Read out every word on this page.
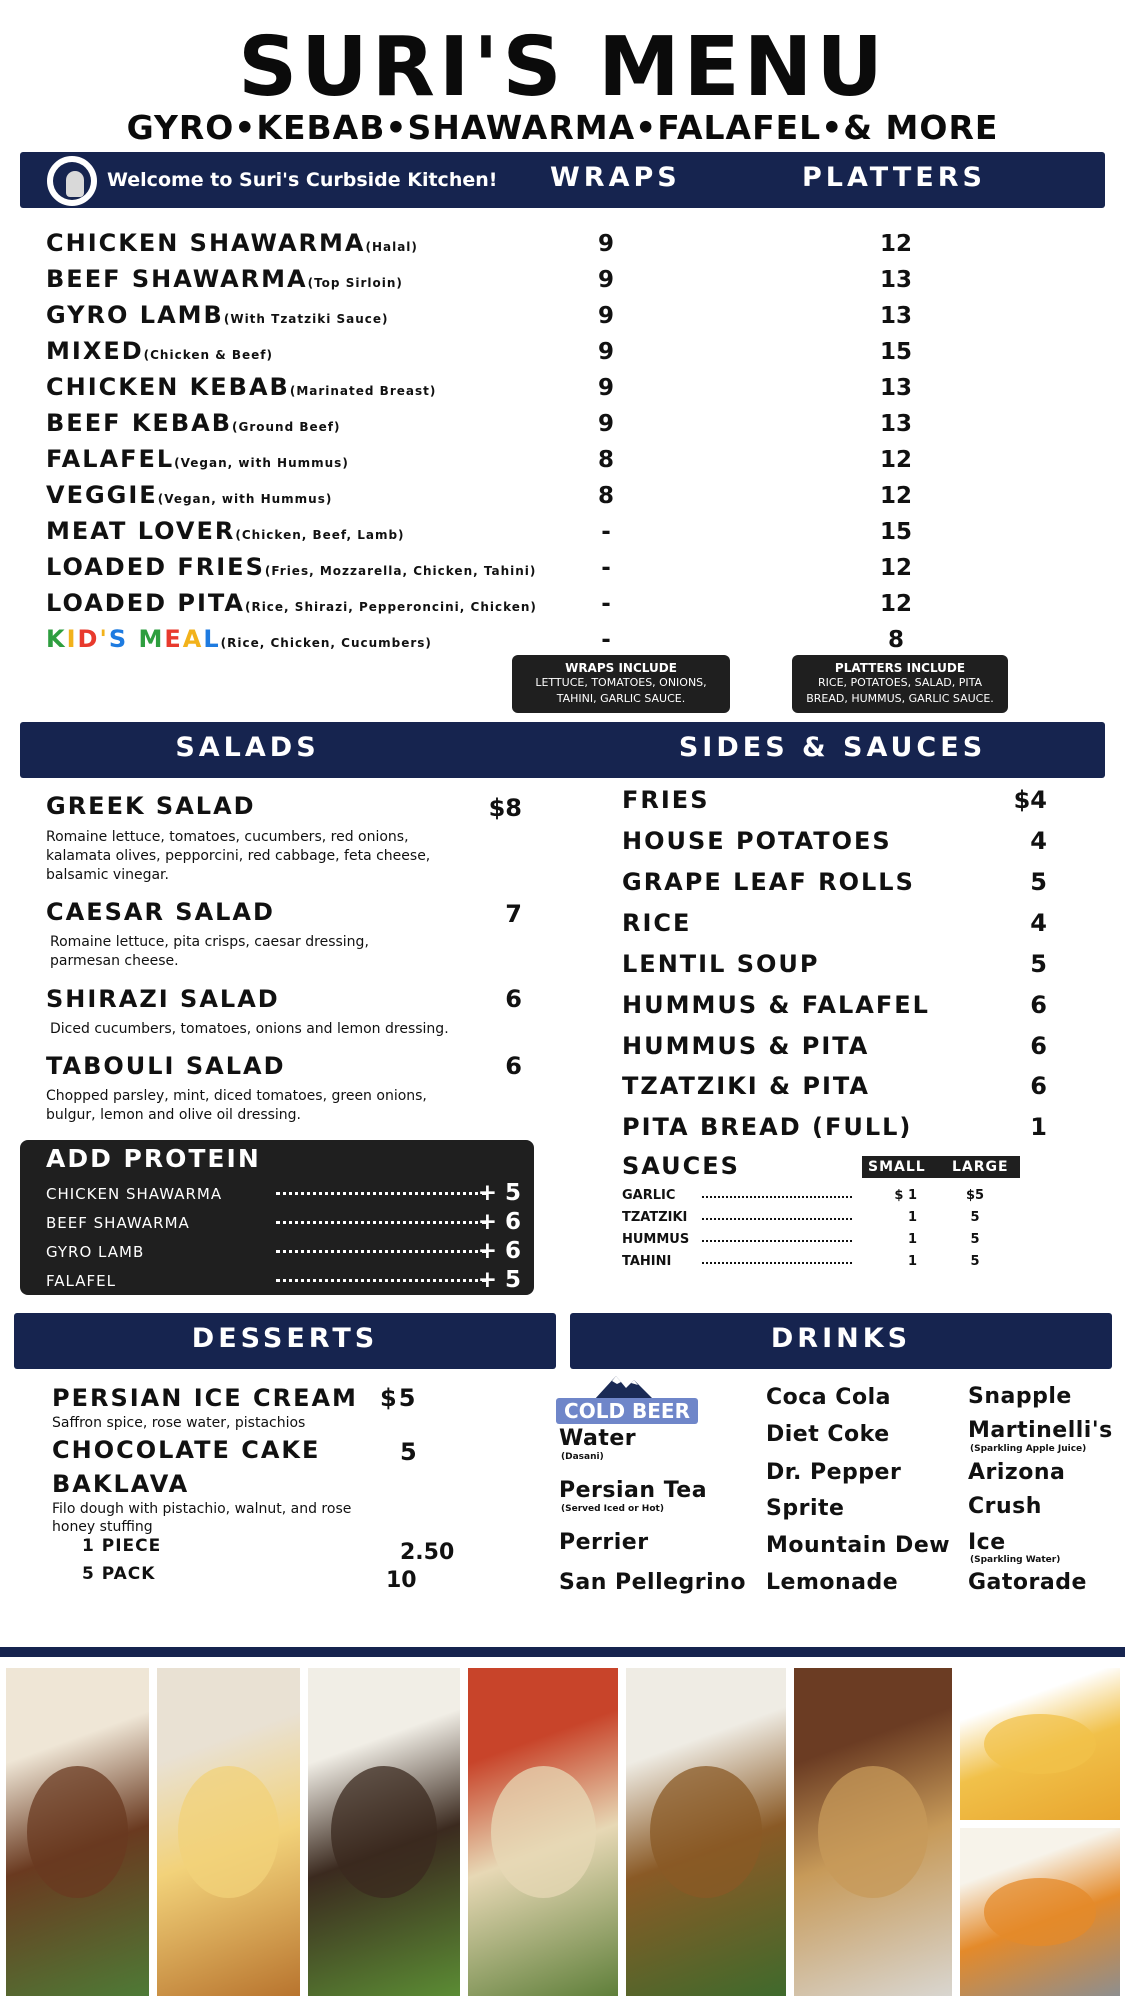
SURI'S MENU
GYRO•KEBAB•SHAWARMA•FALAFEL•& MORE
Welcome to Suri's Curbside Kitchen! WRAPS	PLATTERS
CHICKEN SHAWARMA(Halal)	9	12
BEEF SHAWARMA(Top Sirloin)	9	13
GYRO LAMB(With Tzatziki Sauce)	9	13
MIXED(Chicken & Beef)	9	15
CHICKEN KEBAB(Marinated Breast)	9	13
BEEF KEBAB(Ground Beef)	9	13
FALAFEL(Vegan, with Hummus)	8	12
VEGGIE(Vegan, with Hummus)	8	12
MEAT LOVER(Chicken, Beef, Lamb)	-	15
LOADED FRIES(Fries, Mozzarella, Chicken, Tahini)	-	12
LOADED PITA(Rice, Shirazi, Pepperoncini, Chicken)	-	12
KID'S MEAL(Rice, Chicken, Cucumbers)	-	8
WRAPS INCLUDE
LETTUCE, TOMATOES, ONIONS, TAHINI, GARLIC SAUCE.
PLATTERS INCLUDE
RICE, POTATOES, SALAD, PITA BREAD, HUMMUS, GARLIC SAUCE.
SALADS	SIDES & SAUCES
GREEK SALAD	$8
Romaine lettuce, tomatoes, cucumbers, red onions, kalamata olives, pepporcini, red cabbage, feta cheese, balsamic vinegar.
CAESAR SALAD	7
Romaine lettuce, pita crisps, caesar dressing, parmesan cheese.
SHIRAZI SALAD	6
Diced cucumbers, tomatoes, onions and lemon dressing.
TABOULI SALAD	6
Chopped parsley, mint, diced tomatoes, green onions, bulgur, lemon and olive oil dressing.
ADD PROTEIN
CHICKEN SHAWARMA	+ 5
BEEF SHAWARMA	+ 6
GYRO LAMB	+ 6
FALAFEL	+ 5
FRIES	$4
HOUSE POTATOES	4
GRAPE LEAF ROLLS	5
RICE	4
LENTIL SOUP	5
HUMMUS & FALAFEL	6
HUMMUS & PITA	6
TZATZIKI & PITA	6
PITA BREAD (FULL)	1
SAUCES	SMALL LARGE
GARLIC	$ 1	$5
TZATZIKI	1	5
HUMMUS	1	5
TAHINI	1	5
DESSERTS	DRINKS
PERSIAN ICE CREAM $5
Saffron spice, rose water, pistachios
CHOCOLATE CAKE	5
BAKLAVA
Filo dough with pistachio, walnut, and rose honey stuffing
1 PIECE	2.50
5 PACK	10
COLD BEER
Water
(Dasani)
Persian Tea
(Served Iced or Hot)
Perrier
San Pellegrino
Coca Cola
Diet Coke
Dr. Pepper
Sprite
Mountain Dew
Lemonade
Snapple
Martinelli's
(Sparkling Apple Juice)
Arizona
Crush
Ice
(Sparkling Water)
Gatorade
